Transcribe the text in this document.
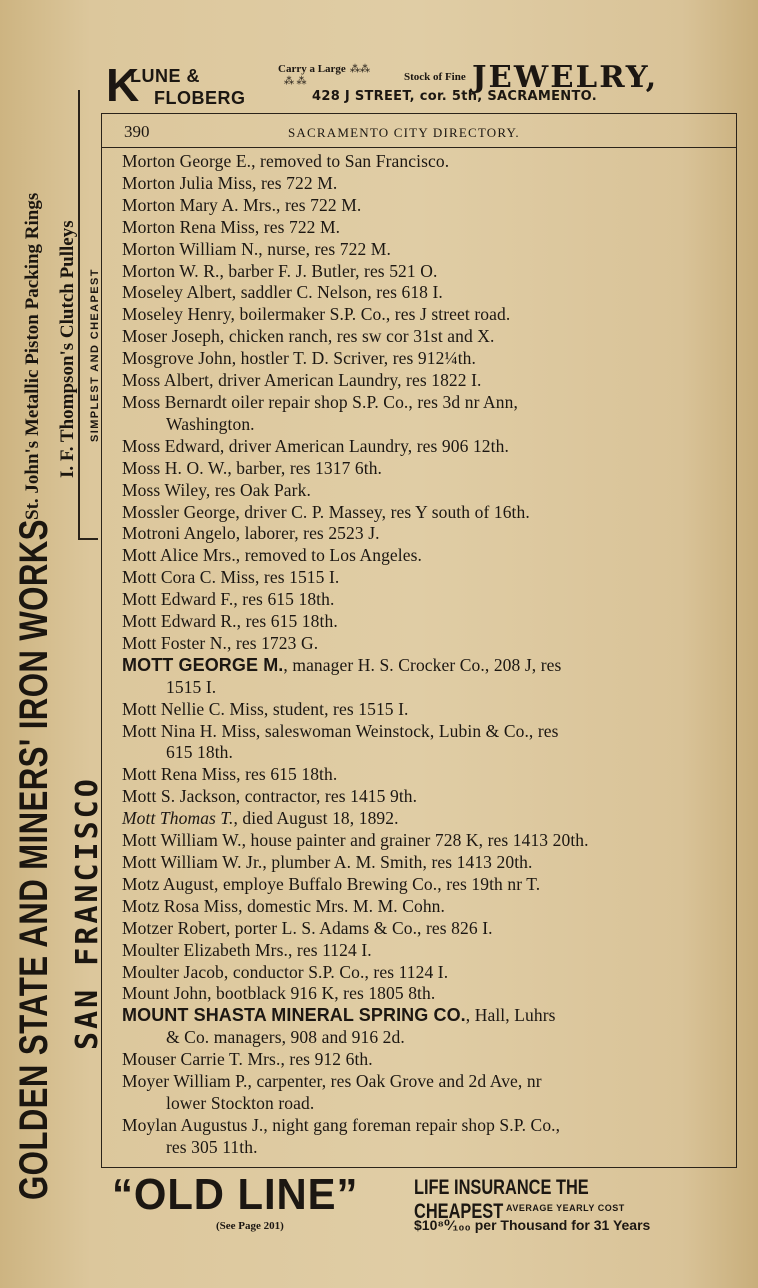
GOLDEN STATE AND MINERS' IRON WORKS
St. John's Metallic Piston Packing Rings I. F. Thompson's Clutch Pulleys SIMPLEST AND CHEAPEST
SAN FRANCISCO
K
LUNE &
FLOBERG
Carry a Large ⁂⁂
⁂ ⁂	Stock of Fine JEWELRY,
428 J STREET, cor. 5th, SACRAMENTO.
390	SACRAMENTO CITY DIRECTORY.
Morton George E., removed to San Francisco.
Morton Julia Miss, res 722 M.
Morton Mary A. Mrs., res 722 M.
Morton Rena Miss, res 722 M.
Morton William N., nurse, res 722 M.
Morton W. R., barber F. J. Butler, res 521 O.
Moseley Albert, saddler C. Nelson, res 618 I.
Moseley Henry, boilermaker S.P. Co., res J street road.
Moser Joseph, chicken ranch, res sw cor 31st and X.
Mosgrove John, hostler T. D. Scriver, res 912¼th.
Moss Albert, driver American Laundry, res 1822 I.
Moss Bernardt oiler repair shop S.P. Co., res 3d nr Ann,
Washington.
Moss Edward, driver American Laundry, res 906 12th.
Moss H. O. W., barber, res 1317 6th.
Moss Wiley, res Oak Park.
Mossler George, driver C. P. Massey, res Y south of 16th.
Motroni Angelo, laborer, res 2523 J.
Mott Alice Mrs., removed to Los Angeles.
Mott Cora C. Miss, res 1515 I.
Mott Edward F., res 615 18th.
Mott Edward R., res 615 18th.
Mott Foster N., res 1723 G.
MOTT GEORGE M., manager H. S. Crocker Co., 208 J, res
1515 I.
Mott Nellie C. Miss, student, res 1515 I.
Mott Nina H. Miss, saleswoman Weinstock, Lubin & Co., res
615 18th.
Mott Rena Miss, res 615 18th.
Mott S. Jackson, contractor, res 1415 9th.
Mott Thomas T., died August 18, 1892.
Mott William W., house painter and grainer 728 K, res 1413 20th.
Mott William W. Jr., plumber A. M. Smith, res 1413 20th.
Motz August, employe Buffalo Brewing Co., res 19th nr T.
Motz Rosa Miss, domestic Mrs. M. M. Cohn.
Motzer Robert, porter L. S. Adams & Co., res 826 I.
Moulter Elizabeth Mrs., res 1124 I.
Moulter Jacob, conductor S.P. Co., res 1124 I.
Mount John, bootblack 916 K, res 1805 8th.
MOUNT SHASTA MINERAL SPRING CO., Hall, Luhrs
& Co. managers, 908 and 916 2d.
Mouser Carrie T. Mrs., res 912 6th.
Moyer William P., carpenter, res Oak Grove and 2d Ave, nr
lower Stockton road.
Moylan Augustus J., night gang foreman repair shop S.P. Co.,
res 305 11th.
“OLD LINE”
(See Page 201)
LIFE INSURANCE THE CHEAPEST AVERAGE YEARLY COST
$10⁸⁰⁄₁₀₀ per Thousand for 31 Years
